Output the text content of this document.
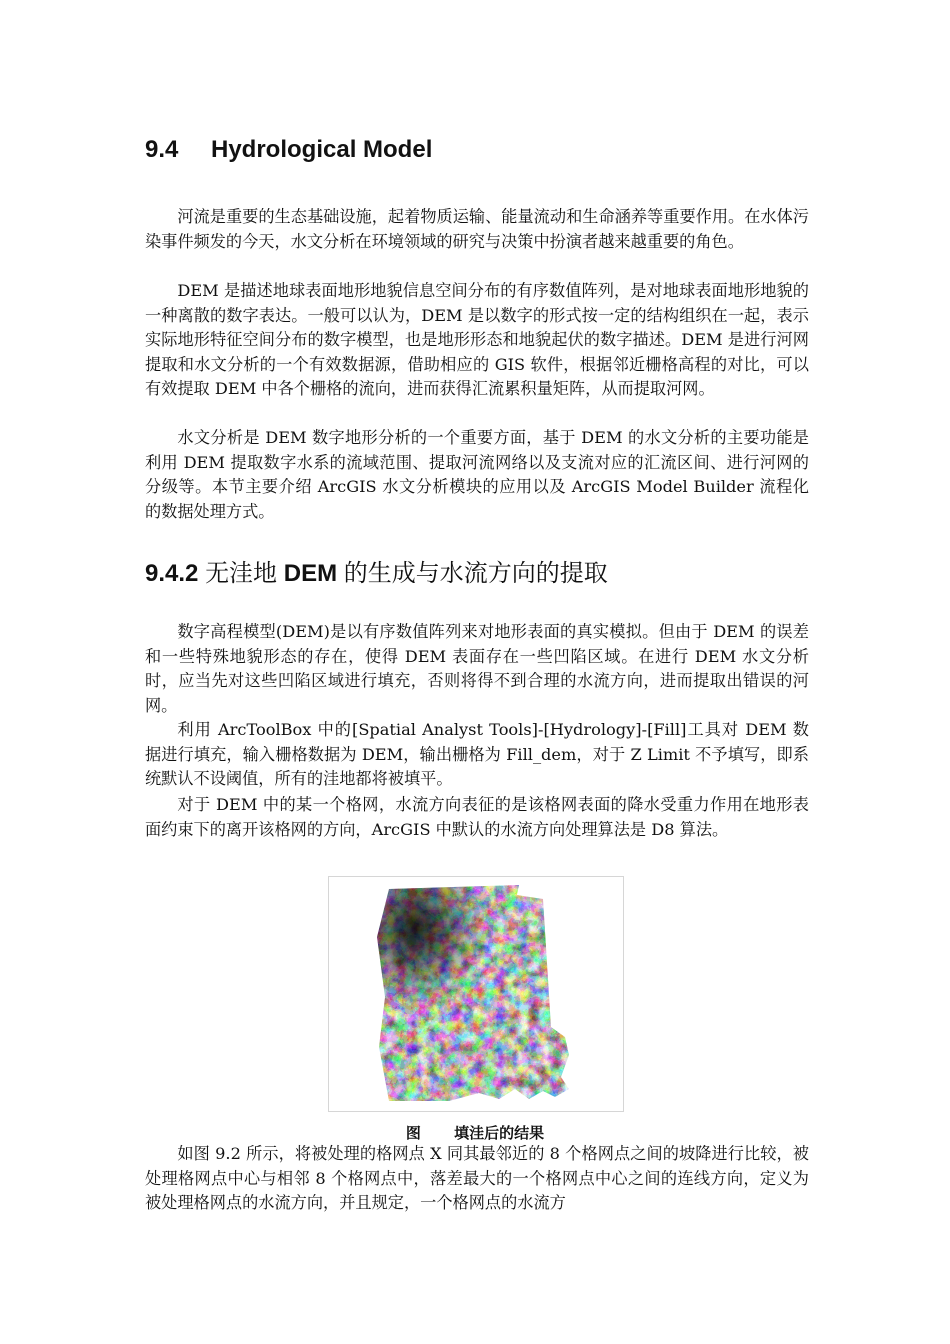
9.4 Hydrological Model

河流是重要的生态基础设施，起着物质运输、能量流动和生命涵养等重要作用。在水体污染事件频发的今天，水文分析在环境领域的研究与决策中扮演者越来越重要的角色。

DEM 是描述地球表面地形地貌信息空间分布的有序数值阵列，是对地球表面地形地貌的一种离散的数字表达。一般可以认为，DEM 是以数字的形式按一定的结构组织在一起，表示实际地形特征空间分布的数字模型，也是地形形态和地貌起伏的数字描述。DEM 是进行河网提取和水文分析的一个有效数据源，借助相应的 GIS 软件，根据邻近栅格高程的对比，可以有效提取 DEM 中各个栅格的流向，进而获得汇流累积量矩阵，从而提取河网。

水文分析是 DEM 数字地形分析的一个重要方面，基于 DEM 的水文分析的主要功能是利用 DEM 提取数字水系的流域范围、提取河流网络以及支流对应的汇流区间、进行河网的分级等。本节主要介绍 ArcGIS 水文分析模块的应用以及 ArcGIS Model Builder 流程化的数据处理方式。

9.4.2 无洼地 DEM 的生成与水流方向的提取

数字高程模型(DEM)是以有序数值阵列来对地形表面的真实模拟。但由于 DEM 的误差和一些特殊地貌形态的存在，使得 DEM 表面存在一些凹陷区域。在进行 DEM 水文分析时，应当先对这些凹陷区域进行填充，否则将得不到合理的水流方向，进而提取出错误的河网。

利用 ArcToolBox 中的[Spatial Analyst Tools]-[Hydrology]-[Fill]工具对 DEM 数据进行填充，输入栅格数据为 DEM，输出栅格为 Fill_dem，对于 Z Limit 不予填写，即系统默认不设阈值，所有的洼地都将被填平。

对于 DEM 中的某一个格网，水流方向表征的是该格网表面的降水受重力作用在地形表面约束下的离开该格网的方向，ArcGIS 中默认的水流方向处理算法是 D8 算法。

图 填洼后的结果

如图 9.2 所示，将被处理的格网点 X 同其最邻近的 8 个格网点之间的坡降进行比较，被处理格网点中心与相邻 8 个格网点中，落差最大的一个格网点中心之间的连线方向，定义为被处理格网点的水流方向，并且规定，一个格网点的水流方
